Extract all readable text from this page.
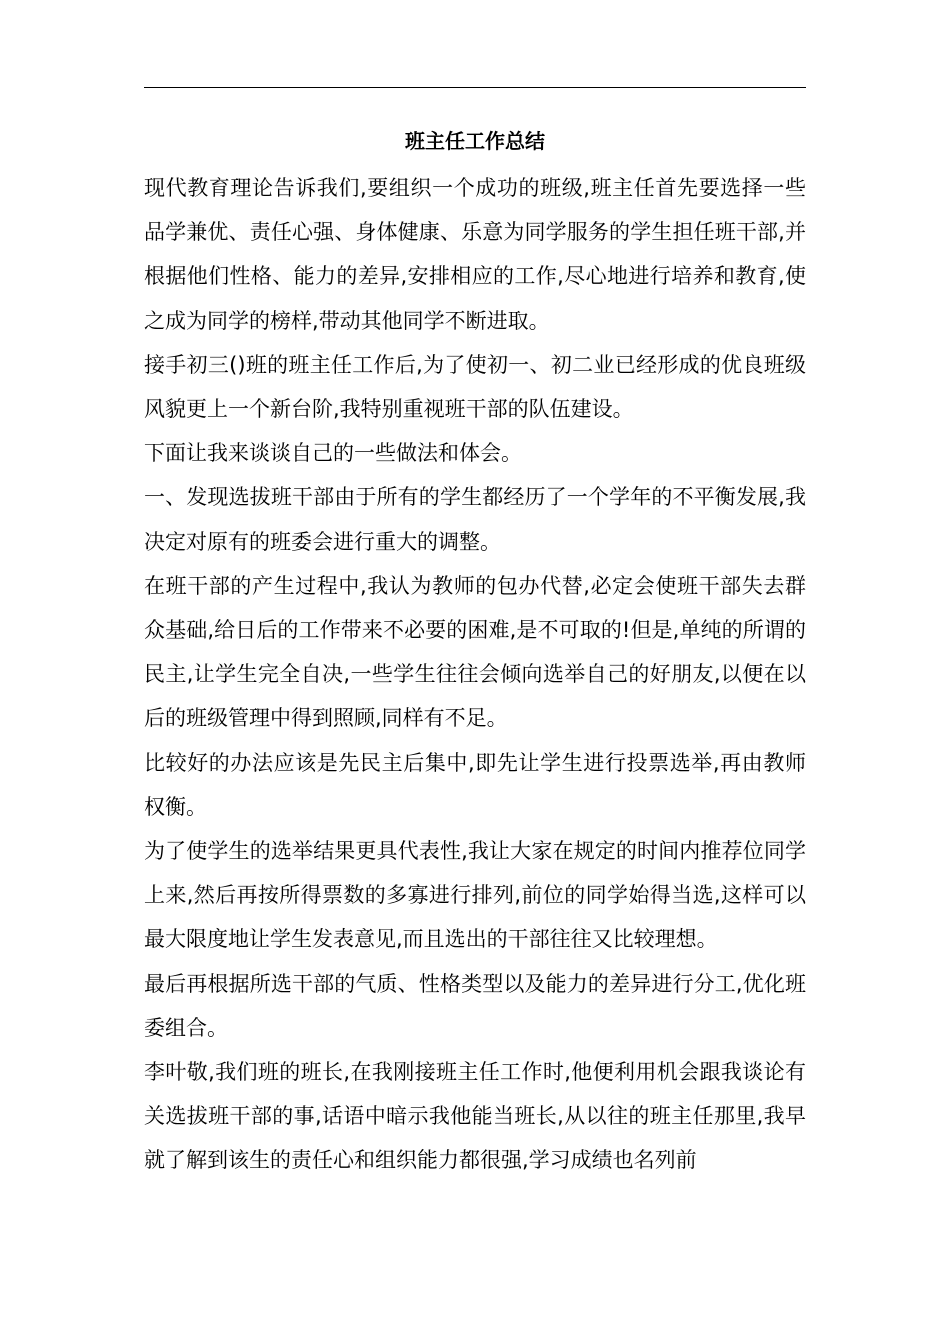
班主任工作总结

现代教育理论告诉我们,要组织一个成功的班级,班主任首先要选择一些品学兼优、责任心强、身体健康、乐意为同学服务的学生担任班干部,并根据他们性格、能力的差异,安排相应的工作,尽心地进行培养和教育,使之成为同学的榜样,带动其他同学不断进取。

接手初三()班的班主任工作后,为了使初一、初二业已经形成的优良班级风貌更上一个新台阶,我特别重视班干部的队伍建设。

下面让我来谈谈自己的一些做法和体会。

一、发现选拔班干部由于所有的学生都经历了一个学年的不平衡发展,我决定对原有的班委会进行重大的调整。

在班干部的产生过程中,我认为教师的包办代替,必定会使班干部失去群众基础,给日后的工作带来不必要的困难,是不可取的!但是,单纯的所谓的民主,让学生完全自决,一些学生往往会倾向选举自己的好朋友,以便在以后的班级管理中得到照顾,同样有不足。

比较好的办法应该是先民主后集中,即先让学生进行投票选举,再由教师权衡。

为了使学生的选举结果更具代表性,我让大家在规定的时间内推荐位同学上来,然后再按所得票数的多寡进行排列,前位的同学始得当选,这样可以最大限度地让学生发表意见,而且选出的干部往往又比较理想。

最后再根据所选干部的气质、性格类型以及能力的差异进行分工,优化班委组合。

李叶敬,我们班的班长,在我刚接班主任工作时,他便利用机会跟我谈论有关选拔班干部的事,话语中暗示我他能当班长,从以往的班主任那里,我早就了解到该生的责任心和组织能力都很强,学习成绩也名列前
